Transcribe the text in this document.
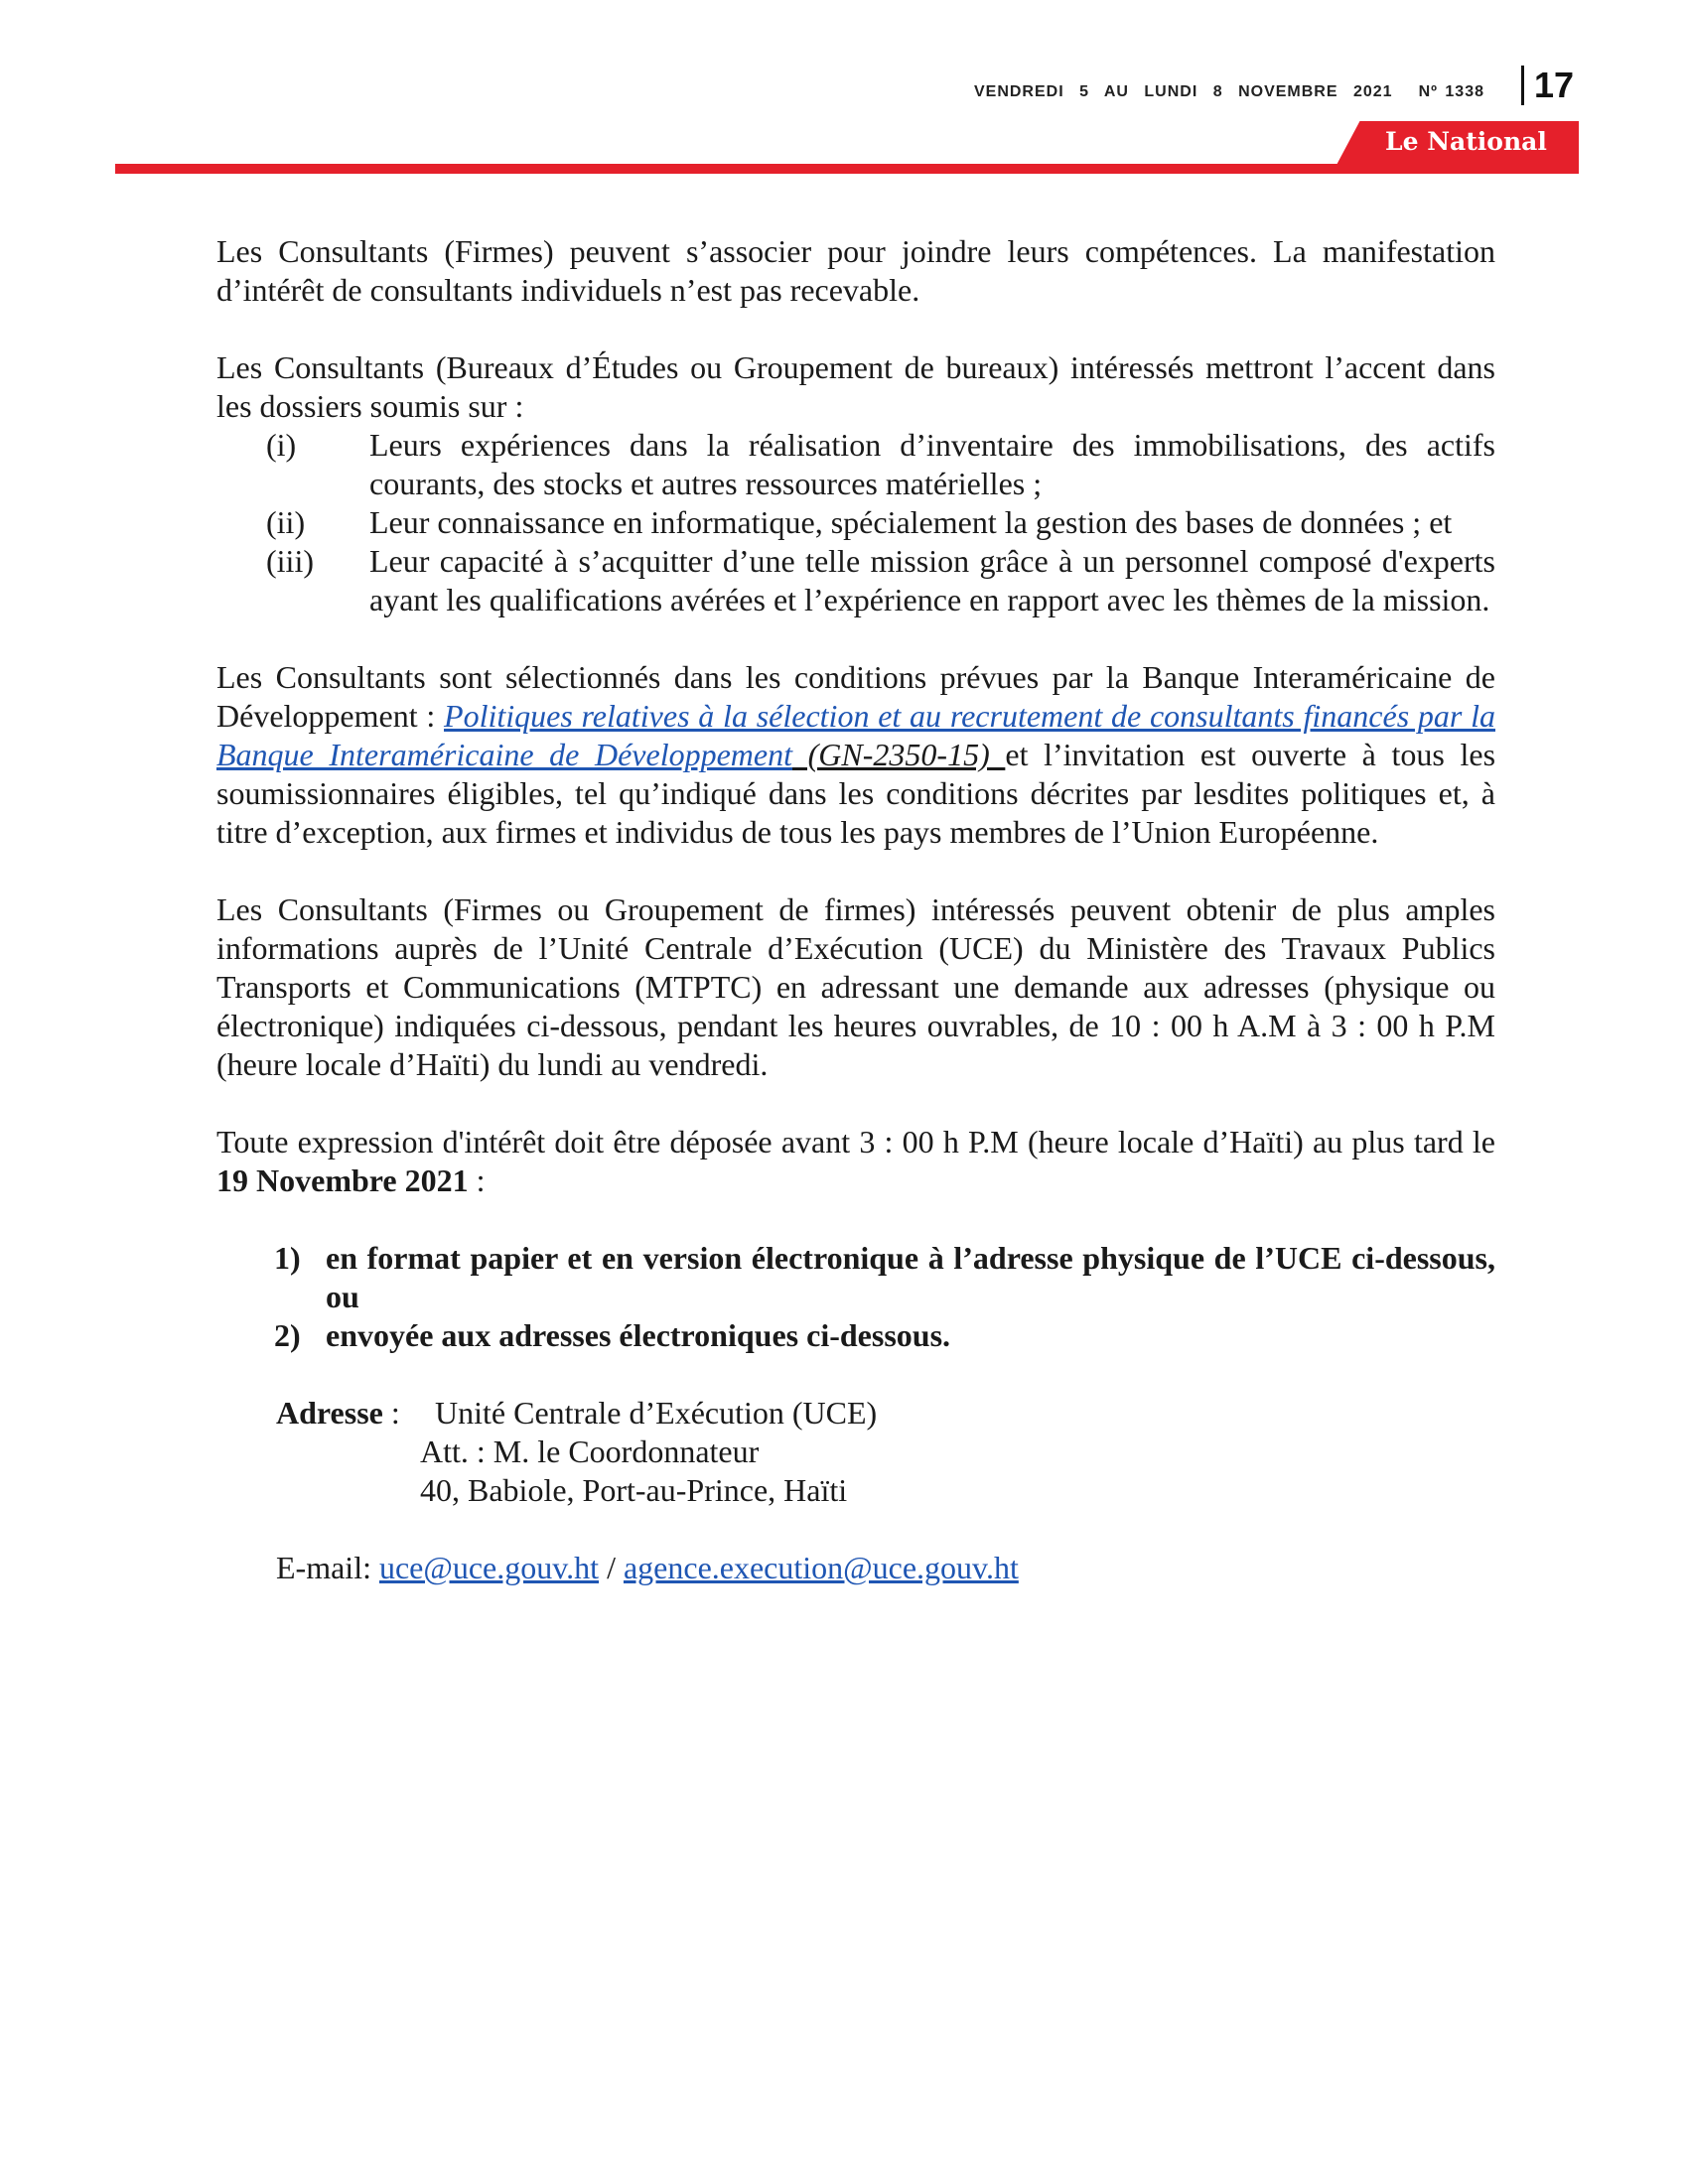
VENDREDI 5 AU LUNDI 8 NOVEMBRE 2021 Nº 1338	17
Le National

Les Consultants (Firmes) peuvent s’associer pour joindre leurs compétences. La manifestation d’intérêt de consultants individuels n’est pas recevable.

Les Consultants (Bureaux d’Études ou Groupement de bureaux) intéressés mettront l’accent dans les dossiers soumis sur :

(i)	Leurs expériences dans la réalisation d’inventaire des immobilisations, des actifs courants, des stocks et autres ressources matérielles ;
(ii)	Leur connaissance en informatique, spécialement la gestion des bases de données ; et
(iii)	Leur capacité à s’acquitter d’une telle mission grâce à un personnel composé d'experts ayant les qualifications avérées et l’expérience en rapport avec les thèmes de la mission.

Les Consultants sont sélectionnés dans les conditions prévues par la Banque Interaméricaine de Développement : Politiques relatives à la sélection et au recrutement de consultants financés par la Banque Interaméricaine de Développement (GN-2350-15) et l’invitation est ouverte à tous les soumissionnaires éligibles, tel qu’indiqué dans les conditions décrites par lesdites politiques et, à titre d’exception, aux firmes et individus de tous les pays membres de l’Union Européenne.

Les Consultants (Firmes ou Groupement de firmes) intéressés peuvent obtenir de plus amples informations auprès de l’Unité Centrale d’Exécution (UCE) du Ministère des Travaux Publics Transports et Communications (MTPTC) en adressant une demande aux adresses (physique ou électronique) indiquées ci-dessous, pendant les heures ouvrables, de 10 : 00 h A.M à 3 : 00 h P.M (heure locale d’Haïti) du lundi au vendredi.

Toute expression d'intérêt doit être déposée avant 3 : 00 h P.M (heure locale d’Haïti) au plus tard le 19 Novembre 2021 :

1) en format papier et en version électronique à l’adresse physique de l’UCE ci-dessous, ou
2) envoyée aux adresses électroniques ci-dessous.
Adresse :	Unité Centrale d’Exécution (UCE)
Att. : M. le Coordonnateur
40, Babiole, Port-au-Prince, Haïti
E-mail: uce@uce.gouv.ht / agence.execution@uce.gouv.ht
